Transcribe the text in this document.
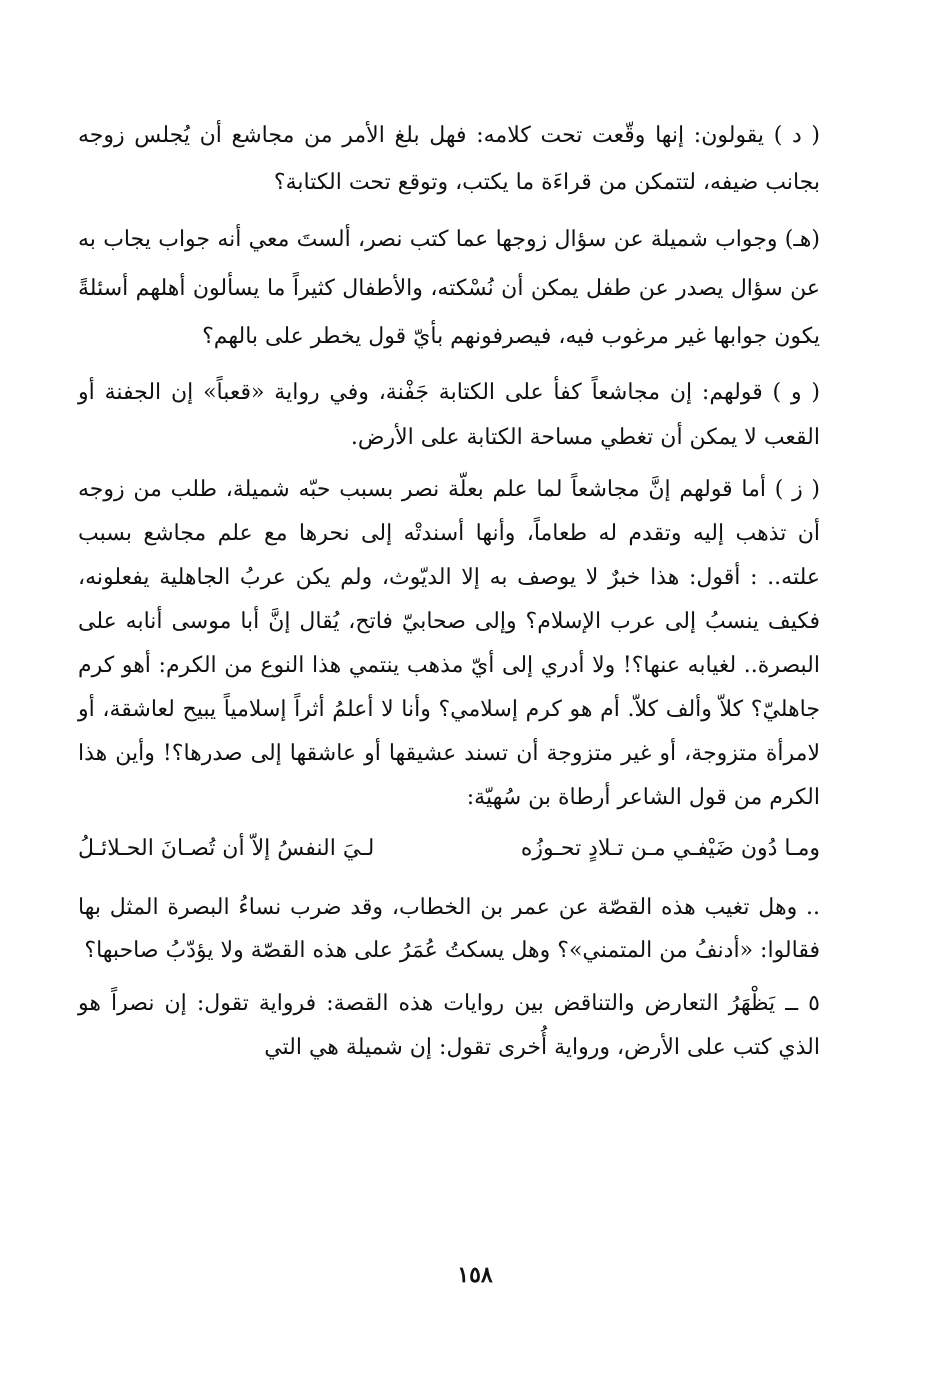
( د ) يقولون: إنها وقّعت تحت كلامه: فهل بلغ الأمر من مجاشع أن يُجلس زوجه بجانب ضيفه، لتتمكن من قراءَة ما يكتب، وتوقع تحت الكتابة؟

(هـ) وجواب شميلة عن سؤال زوجها عما كتب نصر، ألستَ معي أنه جواب يجاب به عن سؤال يصدر عن طفل يمكن أن نُسْكته، والأطفال كثيراً ما يسألون أهلهم أسئلةً يكون جوابها غير مرغوب فيه، فيصرفونهم بأيّ قول يخطر على بالهم؟

( و ) قولهم: إن مجاشعاً كفأ على الكتابة جَفْنة، وفي رواية «قعباً» إن الجفنة أو القعب لا يمكن أن تغطي مساحة الكتابة على الأرض.

( ز ) أما قولهم إنَّ مجاشعاً لما علم بعلّة نصر بسبب حبّه شميلة، طلب من زوجه أن تذهب إليه وتقدم له طعاماً، وأنها أسندتْه إلى نحرها مع علم مجاشع بسبب علته.. : أقول: هذا خبرٌ لا يوصف به إلا الديّوث، ولم يكن عربُ الجاهلية يفعلونه، فكيف ينسبُ إلى عرب الإسلام؟ وإلى صحابيّ فاتح، يُقال إنَّ أبا موسى أنابه على البصرة.. لغيابه عنها؟! ولا أدري إلى أيّ مذهب ينتمي هذا النوع من الكرم: أهو كرم جاهليّ؟ كلاّ وألف كلاّ. أم هو كرم إسلامي؟ وأنا لا أعلمُ أثراً إسلامياً يبيح لعاشقة، أو لامرأة متزوجة، أو غير متزوجة أن تسند عشيقها أو عاشقها إلى صدرها؟! وأين هذا الكرم من قول الشاعر أرطاة بن سُهيّة:

ومـا دُون ضَيْفـي مـن تـلادٍ تحـوزُه
لـيَ النفسُ إلاّ أن تُصـانَ الحـلائـلُ

.. وهل تغيب هذه القصّة عن عمر بن الخطاب، وقد ضرب نساءُ البصرة المثل بها فقالوا: «أدنفُ من المتمني»؟ وهل يسكتُ عُمَرُ على هذه القصّة ولا يؤدّبُ صاحبها؟

٥ ــ يَظْهَرُ التعارض والتناقض بين روايات هذه القصة: فرواية تقول: إن نصراً هو الذي كتب على الأرض، ورواية أُخرى تقول: إن شميلة هي التي

١٥٨
